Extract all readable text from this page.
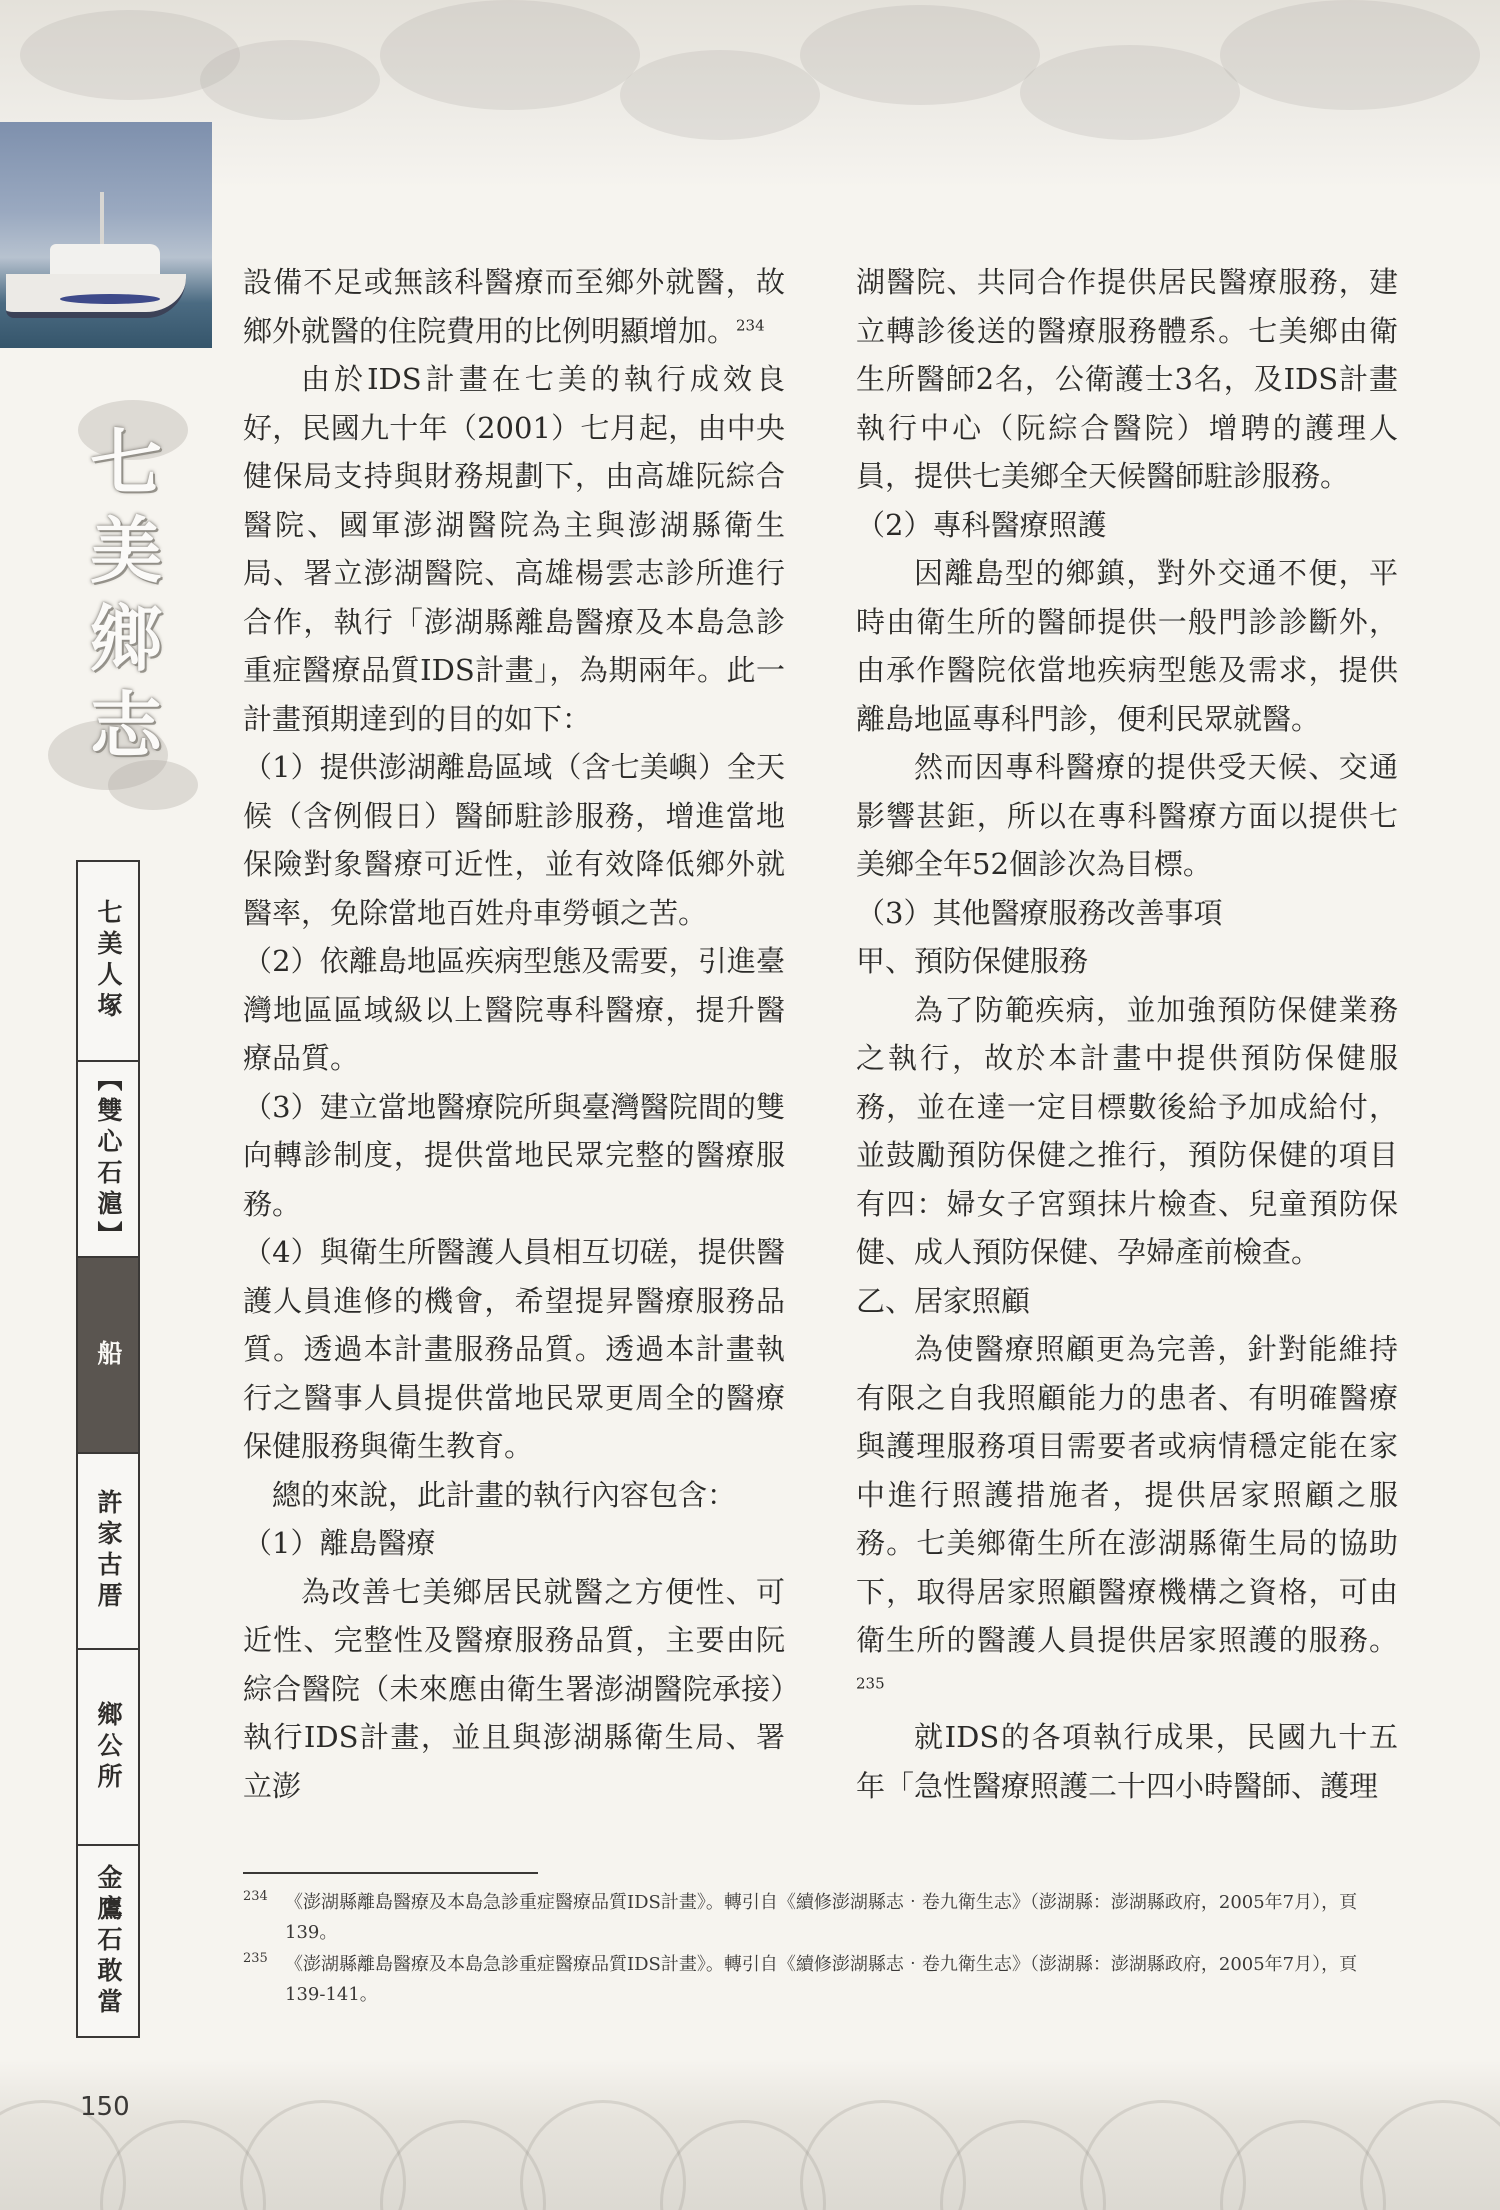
七
美
鄉
志
七美人塚
【雙心石滬】
船
許家古厝
鄉公所
金鷹石敢當

設備不足或無該科醫療而至鄉外就醫，故鄉外就醫的住院費用的比例明顯增加。$^{234}$

由於IDS計畫在七美的執行成效良好，民國九十年（2001）七月起，由中央健保局支持與財務規劃下，由高雄阮綜合醫院、國軍澎湖醫院為主與澎湖縣衛生局、署立澎湖醫院、高雄楊雲志診所進行合作，執行「澎湖縣離島醫療及本島急診重症醫療品質IDS計畫」，為期兩年。此一計畫預期達到的目的如下：

（1）提供澎湖離島區域（含七美嶼）全天候（含例假日）醫師駐診服務，增進當地保險對象醫療可近性，並有效降低鄉外就醫率，免除當地百姓舟車勞頓之苦。

（2）依離島地區疾病型態及需要，引進臺灣地區區域級以上醫院專科醫療，提升醫療品質。

（3）建立當地醫療院所與臺灣醫院間的雙向轉診制度，提供當地民眾完整的醫療服務。

（4）與衛生所醫護人員相互切磋，提供醫護人員進修的機會，希望提昇醫療服務品質。透過本計畫服務品質。透過本計畫執行之醫事人員提供當地民眾更周全的醫療保健服務與衛生教育。

總的來說，此計畫的執行內容包含：

（1）離島醫療

為改善七美鄉居民就醫之方便性、可近性、完整性及醫療服務品質，主要由阮綜合醫院（未來應由衛生署澎湖醫院承接）執行IDS計畫，並且與澎湖縣衛生局、署立澎

湖醫院、共同合作提供居民醫療服務，建立轉診後送的醫療服務體系。七美鄉由衛生所醫師2名，公衛護士3名，及IDS計畫執行中心（阮綜合醫院）增聘的護理人員，提供七美鄉全天候醫師駐診服務。

（2）專科醫療照護

因離島型的鄉鎮，對外交通不便，平時由衛生所的醫師提供一般門診診斷外，由承作醫院依當地疾病型態及需求，提供離島地區專科門診，便利民眾就醫。

然而因專科醫療的提供受天候、交通影響甚鉅，所以在專科醫療方面以提供七美鄉全年52個診次為目標。

（3）其他醫療服務改善事項

甲、預防保健服務

為了防範疾病，並加強預防保健業務之執行，故於本計畫中提供預防保健服務，並在達一定目標數後給予加成給付，並鼓勵預防保健之推行，預防保健的項目有四：婦女子宮頸抹片檢查、兒童預防保健、成人預防保健、孕婦產前檢查。

乙、居家照顧

為使醫療照顧更為完善，針對能維持有限之自我照顧能力的患者、有明確醫療與護理服務項目需要者或病情穩定能在家中進行照護措施者，提供居家照顧之服務。七美鄉衛生所在澎湖縣衛生局的協助下，取得居家照顧醫療機構之資格，可由衛生所的醫護人員提供居家照護的服務。$^{235}$

就IDS的各項執行成果，民國九十五年「急性醫療照護二十四小時醫師、護理

234 《澎湖縣離島醫療及本島急診重症醫療品質IDS計畫》。轉引自《續修澎湖縣志‧卷九衛生志》（澎湖縣：澎湖縣政府，2005年7月），頁139。

235 《澎湖縣離島醫療及本島急診重症醫療品質IDS計畫》。轉引自《續修澎湖縣志‧卷九衛生志》（澎湖縣：澎湖縣政府，2005年7月），頁139-141。

150
